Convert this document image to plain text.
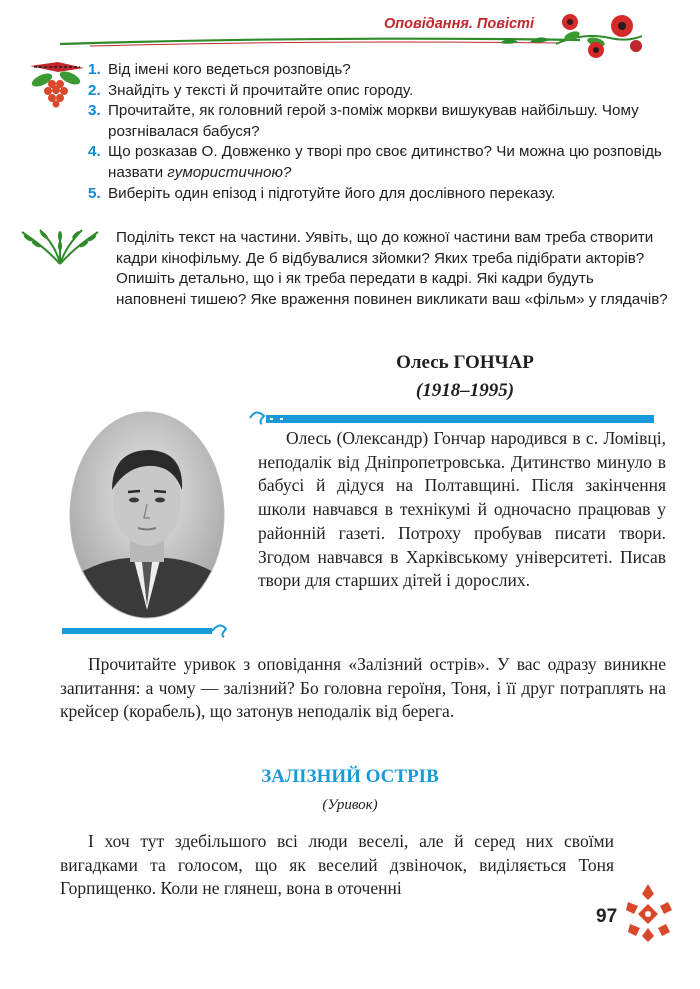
Оповідання. Повісті
1. Від імені кого ведеться розповідь?
2. Знайдіть у тексті й прочитайте опис городу.
3. Прочитайте, як головний герой з-поміж моркви вишукував найбільшу. Чому розгнівалася бабуся?
4. Що розказав О. Довженко у творі про своє дитинство? Чи можна цю розповідь назвати гумористичною?
5. Виберіть один епізод і підготуйте його для дослівного переказу.
Поділіть текст на частини. Уявіть, що до кожної частини вам треба створити кадри кінофільму. Де б відбувалися зйомки? Яких треба підібрати акторів? Опишіть детально, що і як треба передати в кадрі. Які кадри будуть наповнені тишею? Яке враження повинен викликати ваш «фільм» у глядачів?
Олесь ГОНЧАР
(1918–1995)
Олесь (Олександр) Гончар народився в с. Ломівці, неподалік від Дніпропетровська. Дитинство минуло в бабусі й дідуся на Полтавщині. Після закінчення школи навчався в технікумі й одночасно працював у районній газеті. Потроху пробував писати твори. Згодом навчався в Харківському університеті. Писав твори для старших дітей і дорослих.
Прочитайте уривок з оповідання «Залізний острів». У вас одразу виникне запитання: а чому — залізний? Бо головна героїня, Тоня, і її друг потраплять на крейсер (корабель), що затонув неподалік від берега.
ЗАЛІЗНИЙ ОСТРІВ
(Уривок)
І хоч тут здебільшого всі люди веселі, але й серед них своїми вигадками та голосом, що як веселий дзвіночок, виділяється Тоня Горпищенко. Коли не глянеш, вона в оточенні
97
